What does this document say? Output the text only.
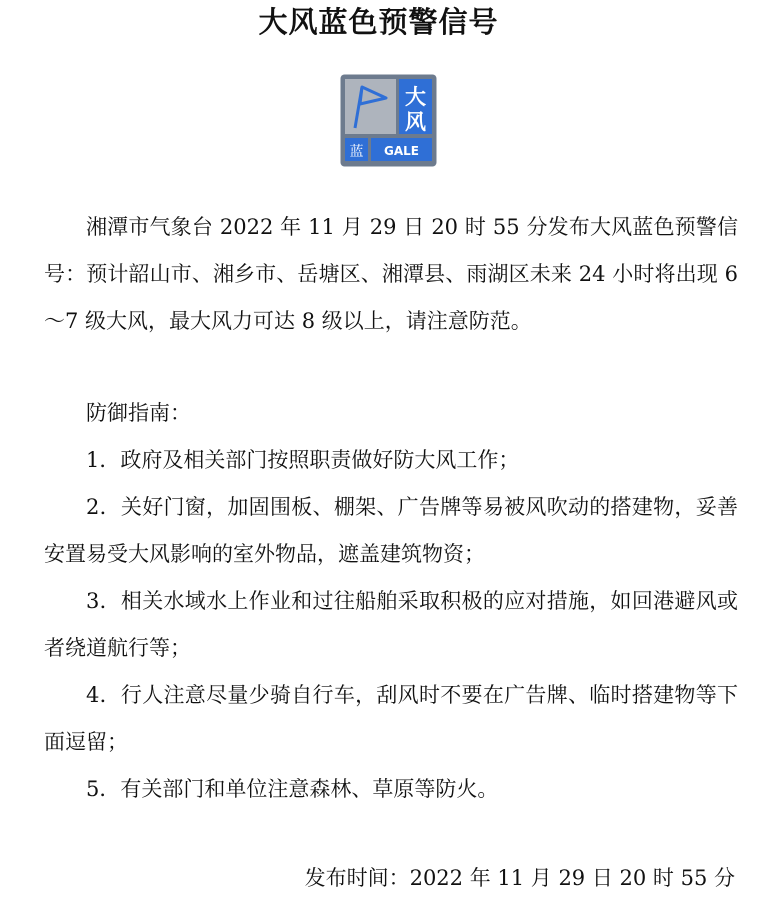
大风蓝色预警信号
大
风
蓝 GALE

湘潭市气象台 2022 年 11 月 29 日 20 时 55 分发布大风蓝色预警信号：预计韶山市、湘乡市、岳塘区、湘潭县、雨湖区未来 24 小时将出现 6～7 级大风，最大风力可达 8 级以上，请注意防范。

防御指南：

1．政府及相关部门按照职责做好防大风工作；

2．关好门窗，加固围板、棚架、广告牌等易被风吹动的搭建物，妥善安置易受大风影响的室外物品，遮盖建筑物资；

3．相关水域水上作业和过往船舶采取积极的应对措施，如回港避风或者绕道航行等；

4．行人注意尽量少骑自行车，刮风时不要在广告牌、临时搭建物等下面逗留；

5．有关部门和单位注意森林、草原等防火。

发布时间：2022 年 11 月 29 日 20 时 55 分
